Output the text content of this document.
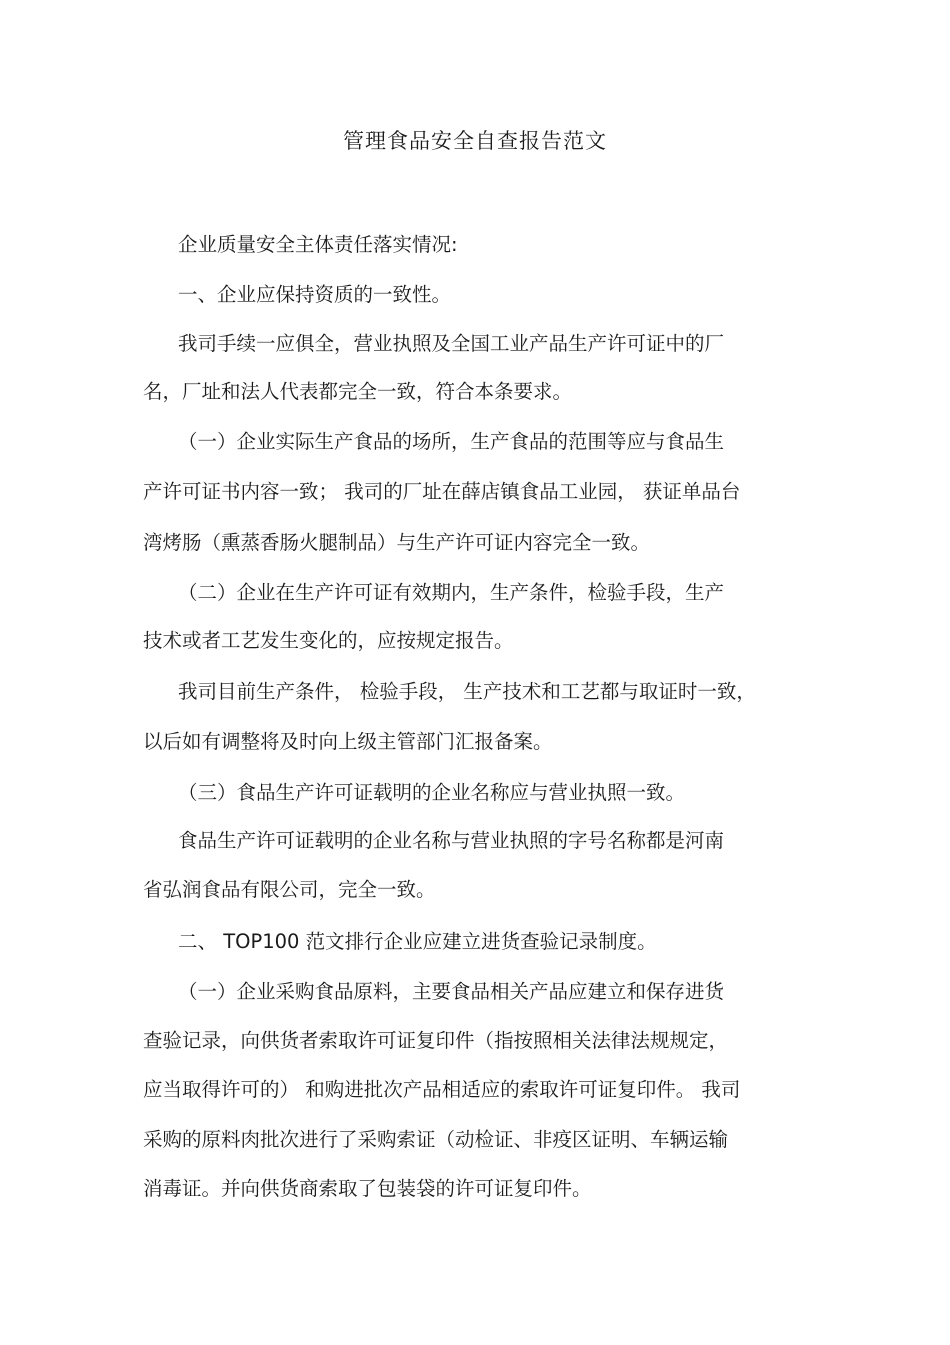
管理食品安全自查报告范文
企业质量安全主体责任落实情况:
一、企业应保持资质的一致性。
我司手续一应俱全，营业执照及全国工业产品生产许可证中的厂
名，厂址和法人代表都完全一致，符合本条要求。
（一）企业实际生产食品的场所，生产食品的范围等应与食品生
产许可证书内容一致； 我司的厂址在薛店镇食品工业园， 获证单品台
湾烤肠（熏蒸香肠火腿制品）与生产许可证内容完全一致。
（二）企业在生产许可证有效期内，生产条件，检验手段，生产
技术或者工艺发生变化的，应按规定报告。
我司目前生产条件， 检验手段， 生产技术和工艺都与取证时一致，
以后如有调整将及时向上级主管部门汇报备案。
（三）食品生产许可证载明的企业名称应与营业执照一致。
食品生产许可证载明的企业名称与营业执照的字号名称都是河南
省弘润食品有限公司，完全一致。
二、 TOP100 范文排行企业应建立进货查验记录制度。
（一）企业采购食品原料，主要食品相关产品应建立和保存进货
查验记录，向供货者索取许可证复印件（指按照相关法律法规规定，
应当取得许可的） 和购进批次产品相适应的索取许可证复印件。 我司
采购的原料肉批次进行了采购索证（动检证、非疫区证明、车辆运输
消毒证。并向供货商索取了包装袋的许可证复印件。
